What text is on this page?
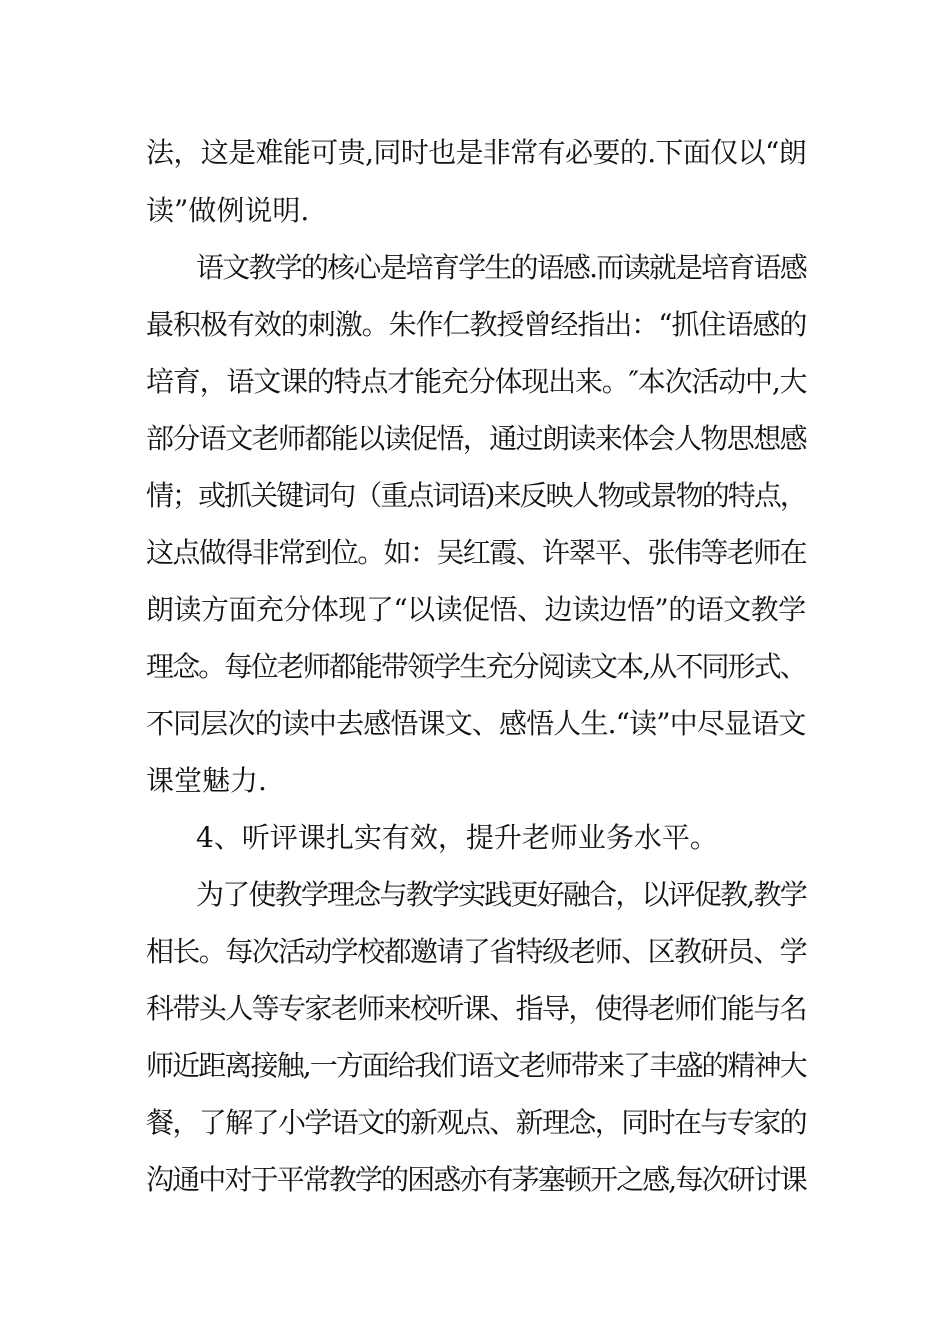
法，这是难能可贵,同时也是非常有必要的.下面仅以“朗

读”做例说明.

语文教学的核心是培育学生的语感.而读就是培育语感

最积极有效的刺激。朱作仁教授曾经指出：“抓住语感的

培育，语文课的特点才能充分体现出来。″本次活动中,大

部分语文老师都能以读促悟，通过朗读来体会人物思想感

情；或抓关键词句（重点词语)来反映人物或景物的特点，

这点做得非常到位。如：吴红霞、许翠平、张伟等老师在

朗读方面充分体现了“以读促悟、边读边悟”的语文教学

理念。每位老师都能带领学生充分阅读文本,从不同形式、

不同层次的读中去感悟课文、感悟人生.“读”中尽显语文

课堂魅力.

4、听评课扎实有效，提升老师业务水平。

为了使教学理念与教学实践更好融合，以评促教,教学

相长。每次活动学校都邀请了省特级老师、区教研员、学

科带头人等专家老师来校听课、指导，使得老师们能与名

师近距离接触,一方面给我们语文老师带来了丰盛的精神大

餐，了解了小学语文的新观点、新理念，同时在与专家的

沟通中对于平常教学的困惑亦有茅塞顿开之感,每次研讨课
